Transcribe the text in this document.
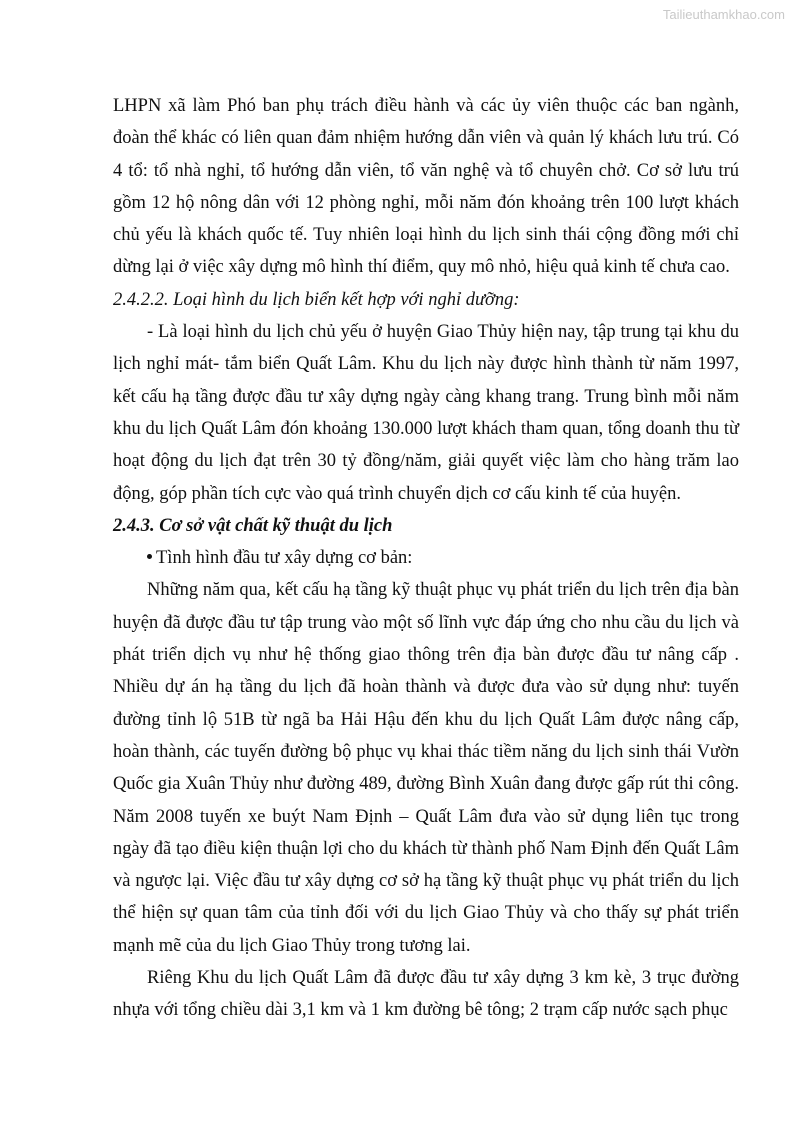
Tailieuthamkhao.com

LHPN xã làm Phó ban phụ trách điều hành và các ủy viên thuộc các ban ngành, đoàn thể khác có liên quan đảm nhiệm hướng dẫn viên và quản lý khách lưu trú. Có 4 tổ: tổ nhà nghỉ, tổ hướng dẫn viên, tổ văn nghệ và tổ chuyên chở. Cơ sở lưu trú gồm 12 hộ nông dân với 12 phòng nghỉ, mỗi năm đón khoảng trên 100 lượt khách chủ yếu là khách quốc tế. Tuy nhiên loại hình du lịch sinh thái cộng đồng mới chỉ dừng lại ở việc xây dựng mô hình thí điểm, quy mô nhỏ, hiệu quả kinh tế chưa cao.

2.4.2.2. Loại hình du lịch biển kết hợp với nghỉ dưỡng:

- Là loại hình du lịch chủ yếu ở huyện Giao Thủy hiện nay, tập trung tại khu du lịch nghỉ mát- tắm biển Quất Lâm. Khu du lịch này được hình thành từ năm 1997, kết cấu hạ tầng được đầu tư xây dựng ngày càng khang trang. Trung bình mỗi năm khu du lịch Quất Lâm đón khoảng 130.000 lượt khách tham quan, tổng doanh thu từ hoạt động du lịch đạt trên 30 tỷ đồng/năm, giải quyết việc làm cho hàng trăm lao động, góp phần tích cực vào quá trình chuyển dịch cơ cấu kinh tế của huyện.

2.4.3. Cơ sở vật chất kỹ thuật du lịch

Tình hình đầu tư xây dựng cơ bản:

Những năm qua, kết cấu hạ tầng kỹ thuật phục vụ phát triển du lịch trên địa bàn huyện đã được đầu tư tập trung vào một số lĩnh vực đáp ứng cho nhu cầu du lịch và phát triển dịch vụ như hệ thống giao thông trên địa bàn được đầu tư nâng cấp . Nhiều dự án hạ tầng du lịch đã hoàn thành và được đưa vào sử dụng như: tuyến đường tỉnh lộ 51B từ ngã ba Hải Hậu đến khu du lịch Quất Lâm được nâng cấp, hoàn thành, các tuyến đường bộ phục vụ khai thác tiềm năng du lịch sinh thái Vườn Quốc gia Xuân Thủy như đường 489, đường Bình Xuân đang được gấp rút thi công. Năm 2008 tuyến xe buýt Nam Định – Quất Lâm đưa vào sử dụng liên tục trong ngày đã tạo điều kiện thuận lợi cho du khách từ thành phố Nam Định đến Quất Lâm và ngược lại. Việc đầu tư xây dựng cơ sở hạ tầng kỹ thuật phục vụ phát triển du lịch thể hiện sự quan tâm của tỉnh đối với du lịch Giao Thủy và cho thấy sự phát triển mạnh mẽ của du lịch Giao Thủy trong tương lai.

Riêng Khu du lịch Quất Lâm đã được đầu tư xây dựng 3 km kè, 3 trục đường nhựa với tổng chiều dài 3,1 km và 1 km đường bê tông; 2 trạm cấp nước sạch phục
